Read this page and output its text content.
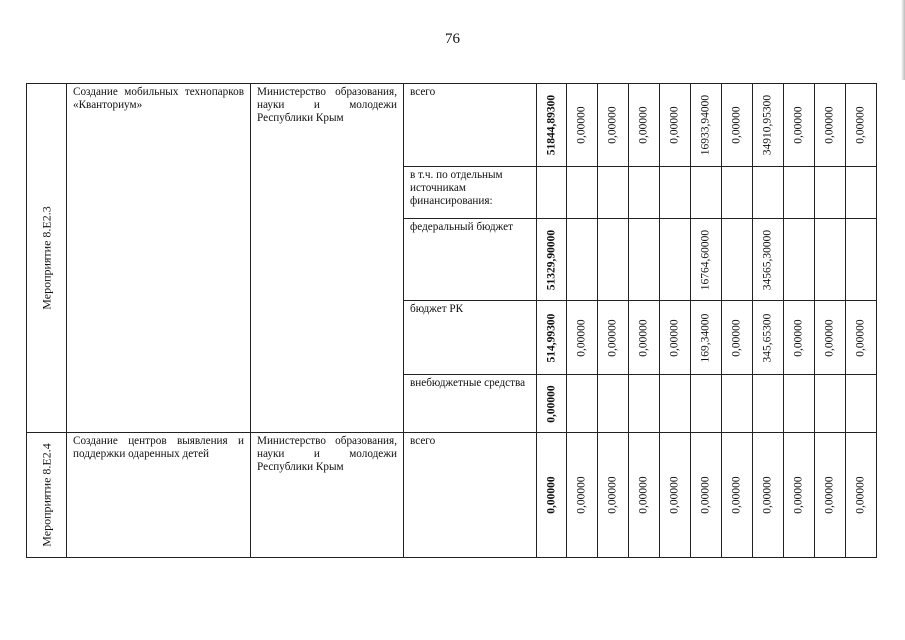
76
Мероприятие 8.Е2.3	Создание мобильных технопарков «Кванториум»	Министерство образования, науки и молодежи Республики Крым	всего	51844,89300	0,00000	0,00000	0,00000	0,00000	16933,94000	0,00000	34910,95300	0,00000	0,00000	0,00000

			в т.ч. по отдельным источникам финансирования:											

			федеральный бюджет	51329,90000					16764,60000		34565,30000			

			бюджет РК	514,99300	0,00000	0,00000	0,00000	0,00000	169,34000	0,00000	345,65300	0,00000	0,00000	0,00000

			внебюджетные средства	0,00000										

Мероприятие 8.Е2.4	Создание центров выявления и поддержки одаренных детей	Министерство образования, науки и молодежи Республики Крым	всего	0,00000	0,00000	0,00000	0,00000	0,00000	0,00000	0,00000	0,00000	0,00000	0,00000	0,00000
